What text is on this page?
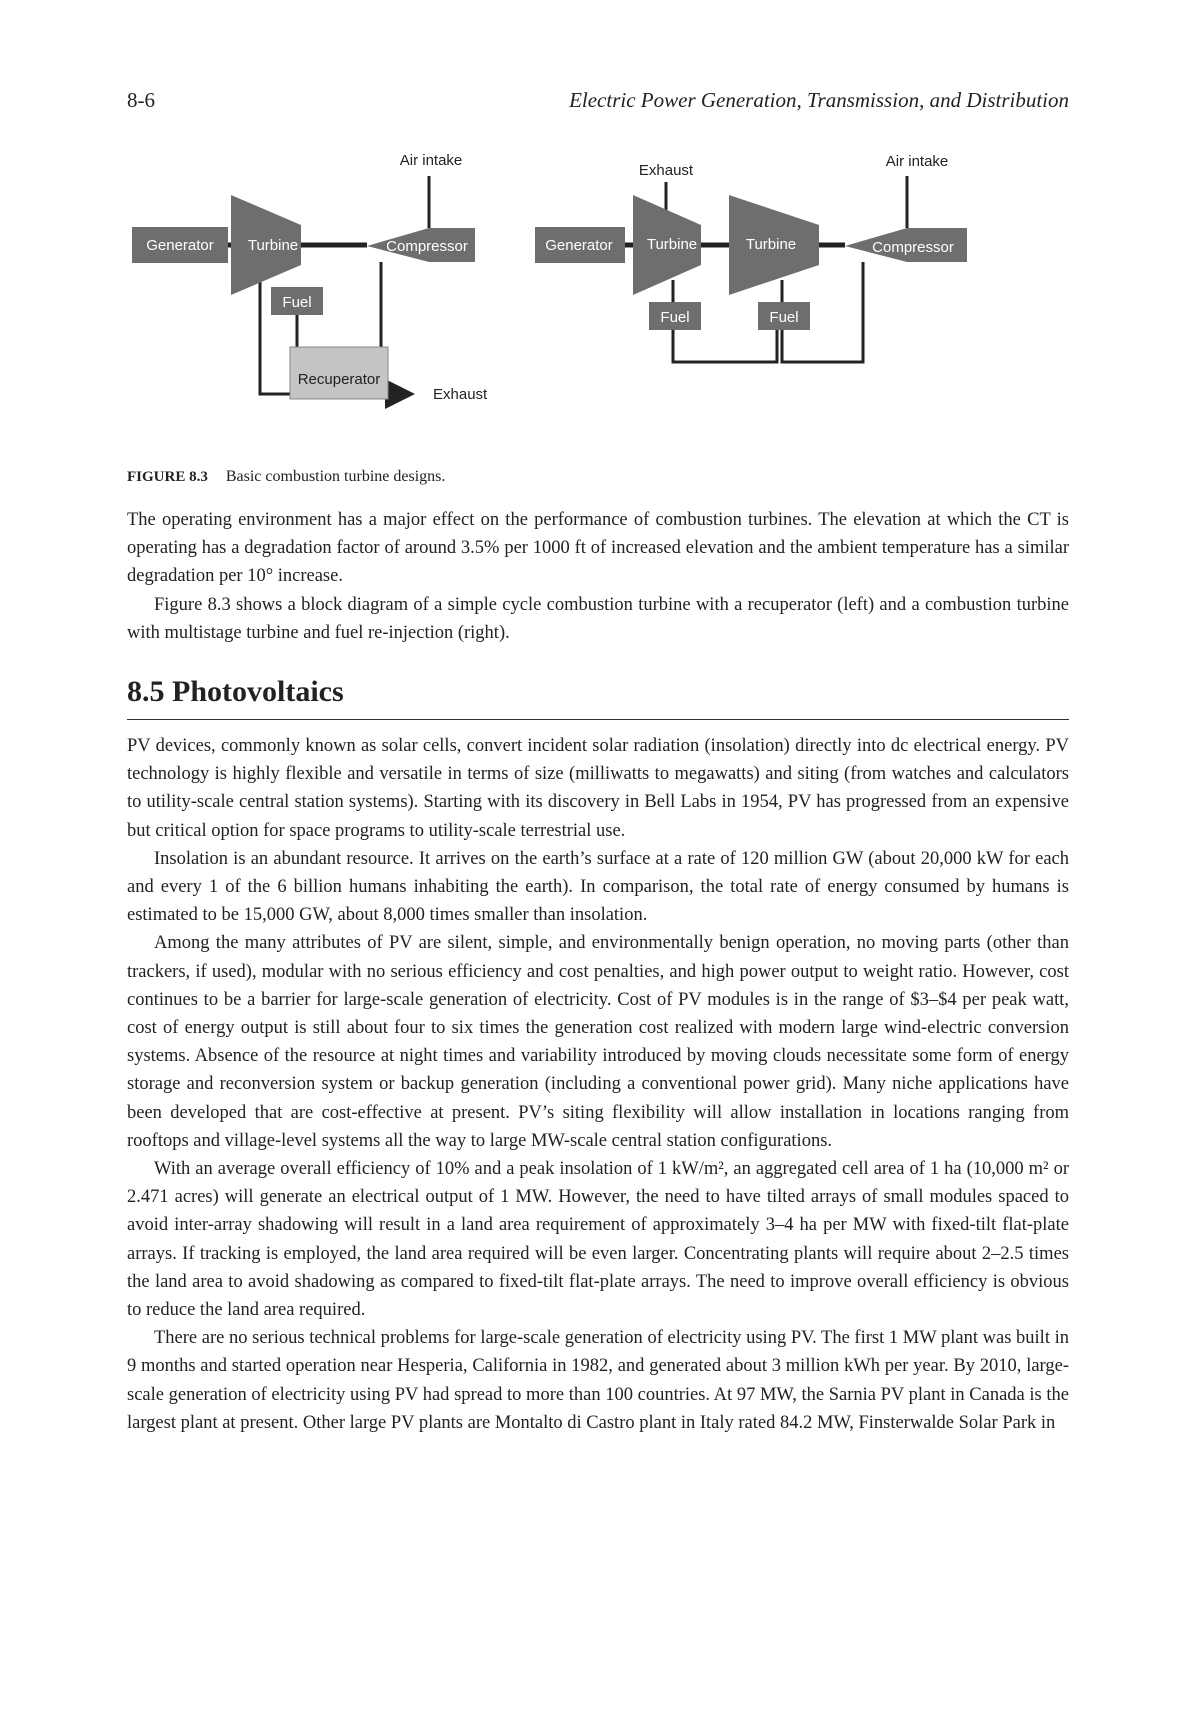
8-6	Electric Power Generation, Transmission, and Distribution
Generator Turbine	Compressor
Fuel
Recuperator
Air intake
Exhaust
Generator Turbine	Turbine	Compressor
Fuel	Fuel
Exhaust
Air intake
FIGURE 8.3 Basic combustion turbine designs.

The operating environment has a major effect on the performance of combustion turbines. The elevation at which the CT is operating has a degradation factor of around 3.5% per 1000 ft of increased elevation and the ambient temperature has a similar degradation per 10° increase.

Figure 8.3 shows a block diagram of a simple cycle combustion turbine with a recuperator (left) and a combustion turbine with multistage turbine and fuel re-injection (right).

8.5 Photovoltaics

PV devices, commonly known as solar cells, convert incident solar radiation (insolation) directly into dc electrical energy. PV technology is highly flexible and versatile in terms of size (milliwatts to megawatts) and siting (from watches and calculators to utility-scale central station systems). Starting with its discovery in Bell Labs in 1954, PV has progressed from an expensive but critical option for space programs to utility-scale terrestrial use.

Insolation is an abundant resource. It arrives on the earth’s surface at a rate of 120 million GW (about 20,000 kW for each and every 1 of the 6 billion humans inhabiting the earth). In comparison, the total rate of energy consumed by humans is estimated to be 15,000 GW, about 8,000 times smaller than insolation.

Among the many attributes of PV are silent, simple, and environmentally benign operation, no moving parts (other than trackers, if used), modular with no serious efficiency and cost penalties, and high power output to weight ratio. However, cost continues to be a barrier for large-scale generation of electricity. Cost of PV modules is in the range of $3–$4 per peak watt, cost of energy output is still about four to six times the generation cost realized with modern large wind-electric conversion systems. Absence of the resource at night times and variability introduced by moving clouds necessitate some form of energy storage and reconversion system or backup generation (including a conventional power grid). Many niche applications have been developed that are cost-effective at present. PV’s siting flexibility will allow installation in locations ranging from rooftops and village-level systems all the way to large MW-scale central station configurations.

With an average overall efficiency of 10% and a peak insolation of 1 kW/m², an aggregated cell area of 1 ha (10,000 m² or 2.471 acres) will generate an electrical output of 1 MW. However, the need to have tilted arrays of small modules spaced to avoid inter-array shadowing will result in a land area requirement of approximately 3–4 ha per MW with fixed-tilt flat-plate arrays. If tracking is employed, the land area required will be even larger. Concentrating plants will require about 2–2.5 times the land area to avoid shadowing as compared to fixed-tilt flat-plate arrays. The need to improve overall efficiency is obvious to reduce the land area required.

There are no serious technical problems for large-scale generation of electricity using PV. The first 1 MW plant was built in 9 months and started operation near Hesperia, California in 1982, and generated about 3 million kWh per year. By 2010, large-scale generation of electricity using PV had spread to more than 100 countries. At 97 MW, the Sarnia PV plant in Canada is the largest plant at present. Other large PV plants are Montalto di Castro plant in Italy rated 84.2 MW, Finsterwalde Solar Park in
